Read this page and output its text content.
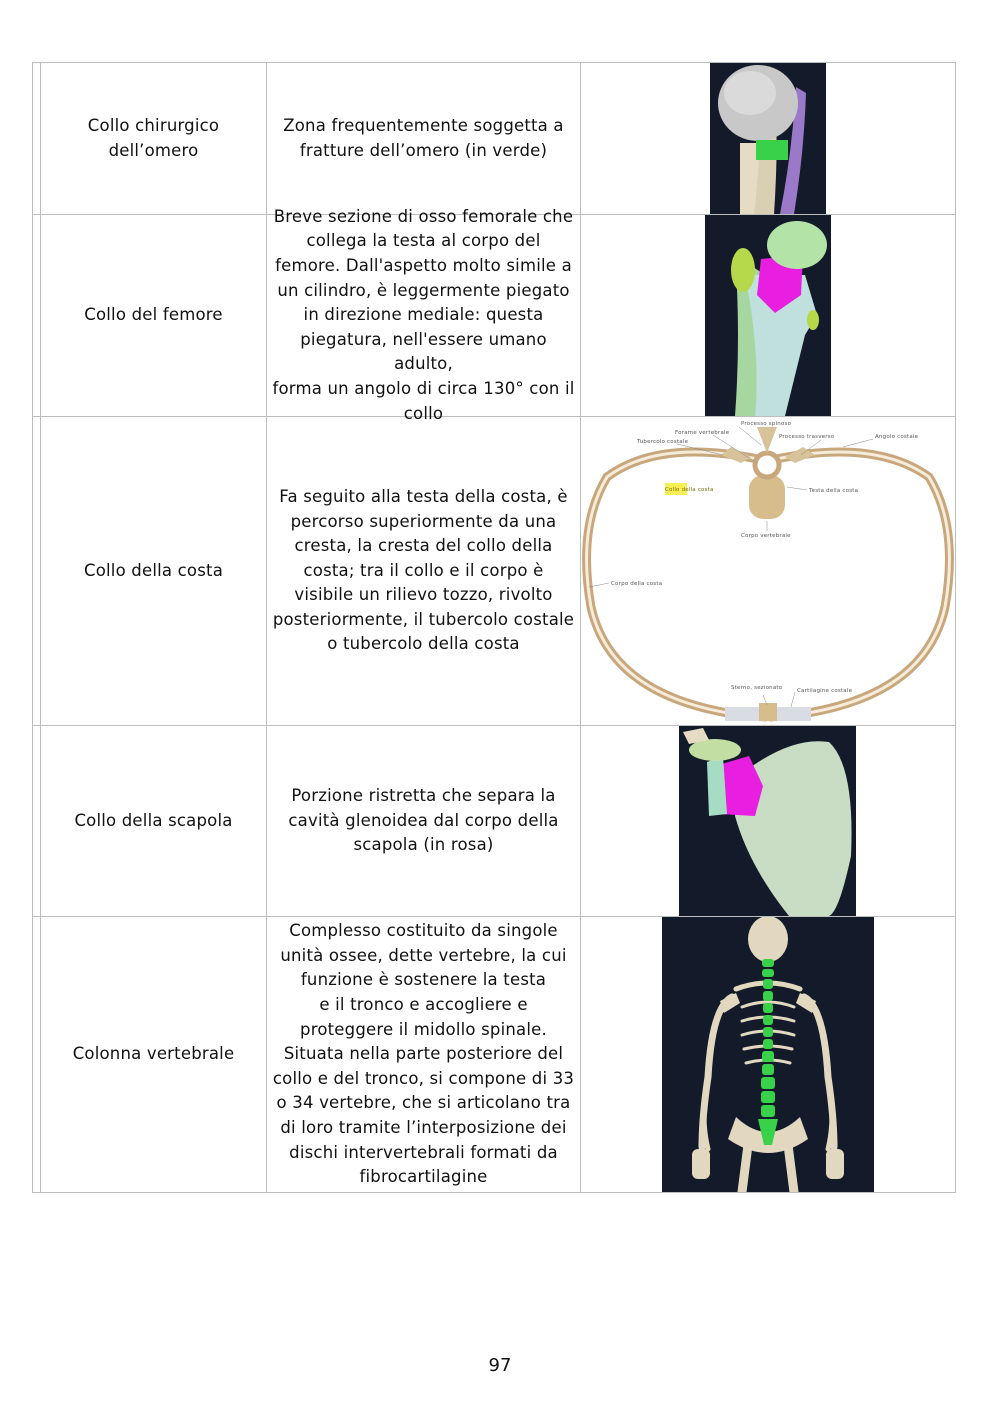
Collo chirurgico
dell’omero
Zona frequentemente soggetta a
fratture dell’omero (in verde)
Collo del femore
Breve sezione di osso femorale che
collega la testa al corpo del
femore. Dall'aspetto molto simile a
un cilindro, è leggermente piegato
in direzione mediale: questa
piegatura, nell'essere umano adulto,
forma un angolo di circa 130° con il
collo
Collo della costa
Fa seguito alla testa della costa, è
percorso superiormente da una
cresta, la cresta del collo della
costa; tra il collo e il corpo è
visibile un rilievo tozzo, rivolto
posteriormente, il tubercolo costale
o tubercolo della costa
Processo spinoso
Forame vertebrale
Tubercolo costale
Processo trasverso	Angolo costale
Testa della costa
Corpo vertebrale
Corpo della costa
Sterno, sezionato	Cartilagine costale
Collo della costa
Collo della scapola
Porzione ristretta che separa la
cavità glenoidea dal corpo della
scapola (in rosa)
Colonna vertebrale
Complesso costituito da singole
unità ossee, dette vertebre, la cui
funzione è sostenere la testa
e il tronco e accogliere e
proteggere il midollo spinale.
Situata nella parte posteriore del
collo e del tronco, si compone di 33
o 34 vertebre, che si articolano tra
di loro tramite l’interposizione dei
dischi intervertebrali formati da
fibrocartilagine
97
